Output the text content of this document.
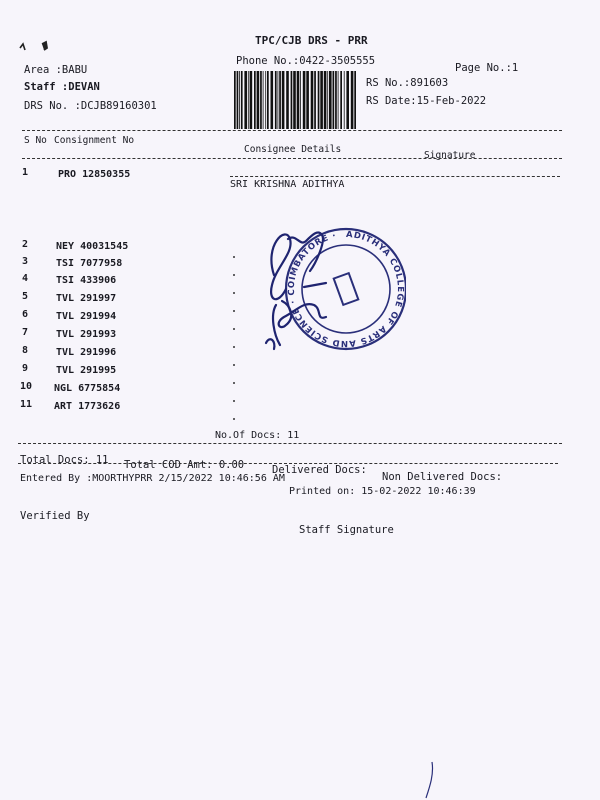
TPC/CJB DRS - PRR
Phone No.:0422-3505555
Page No.:1
Area :BABU
Staff :DEVAN
DRS No. :DCJB89160301
RS No.:891603
RS Date:15-Feb-2022
S No Consignment No
Consignee Details
Signature
1	PRO 12850355
SRI KRISHNA ADITHYA
2	NEY 40031545
3	TSI 7077958
4	TSI 433906
5	TVL 291997
6	TVL 291994
7	TVL 291993
8	TVL 291996
9	TVL 291995
10 NGL 6775854
11 ART 1773626
ADITHYA COLLEGE OF ARTS AND SCIENCE · COIMBATORE ·
No.Of Docs: 11
Total Docs: 11 Total COD Amt: 0.00	Delivered Docs:
Non Delivered Docs:
Entered By :MOORTHYPRR 2/15/2022 10:46:56 AM
Printed on: 15-02-2022 10:46:39
Verified By
Staff Signature
